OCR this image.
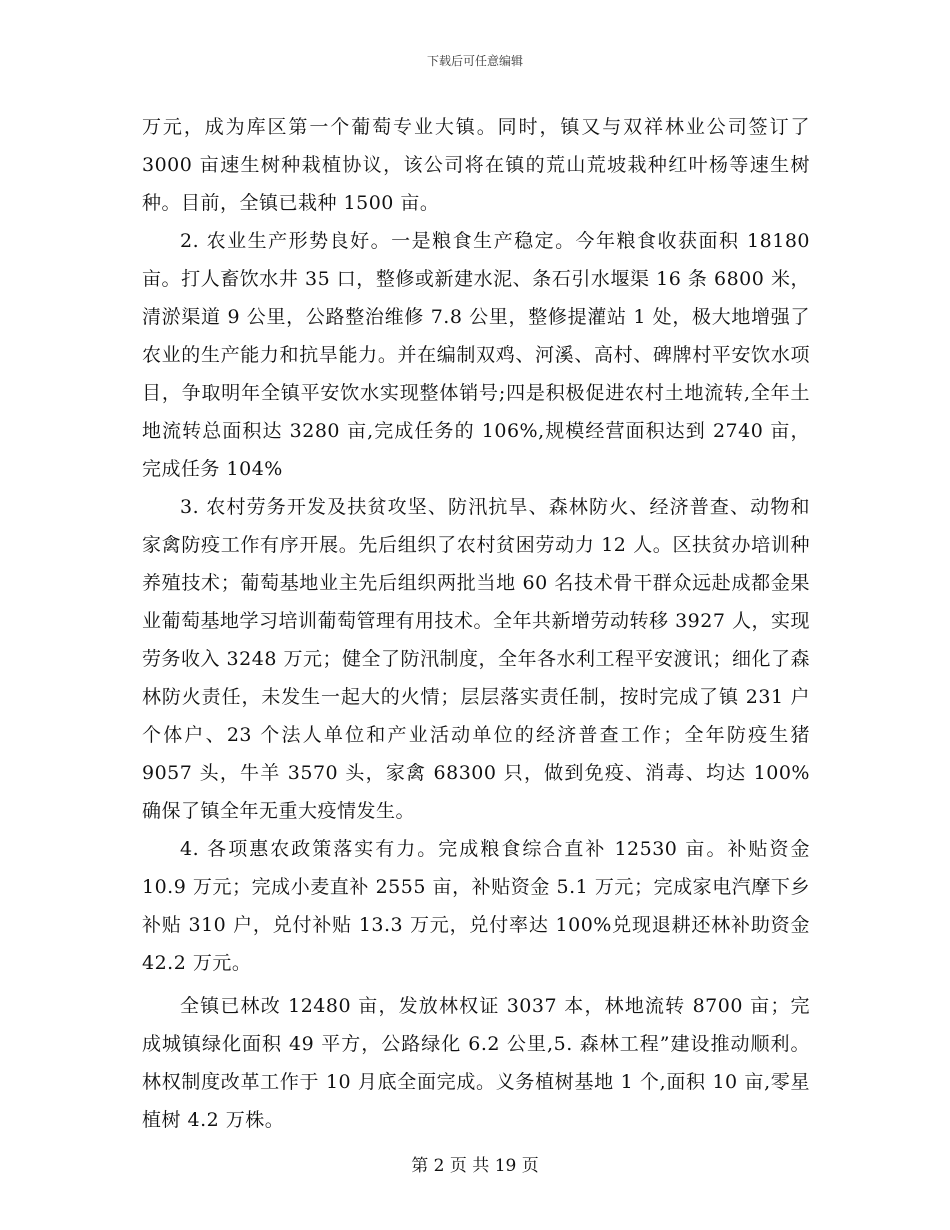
下载后可任意编辑

万元，成为库区第一个葡萄专业大镇。同时，镇又与双祥林业公司签订了 3000 亩速生树种栽植协议，该公司将在镇的荒山荒坡栽种红叶杨等速生树种。目前，全镇已栽种 1500 亩。

2. 农业生产形势良好。一是粮食生产稳定。今年粮食收获面积 18180 亩。打人畜饮水井 35 口，整修或新建水泥、条石引水堰渠 16 条 6800 米，清淤渠道 9 公里，公路整治维修 7.8 公里，整修提灌站 1 处，极大地增强了农业的生产能力和抗旱能力。并在编制双鸡、河溪、高村、碑牌村平安饮水项目，争取明年全镇平安饮水实现整体销号;四是积极促进农村土地流转,全年土地流转总面积达 3280 亩,完成任务的 106%,规模经营面积达到 2740 亩，完成任务 104%

3. 农村劳务开发及扶贫攻坚、防汛抗旱、森林防火、经济普查、动物和家禽防疫工作有序开展。先后组织了农村贫困劳动力 12 人。区扶贫办培训种养殖技术；葡萄基地业主先后组织两批当地 60 名技术骨干群众远赴成都金果业葡萄基地学习培训葡萄管理有用技术。全年共新增劳动转移 3927 人，实现劳务收入 3248 万元；健全了防汛制度，全年各水利工程平安渡讯；细化了森林防火责任，未发生一起大的火情；层层落实责任制，按时完成了镇 231 户个体户、23 个法人单位和产业活动单位的经济普查工作；全年防疫生猪 9057 头，牛羊 3570 头，家禽 68300 只，做到免疫、消毒、均达 100%确保了镇全年无重大疫情发生。

4. 各项惠农政策落实有力。完成粮食综合直补 12530 亩。补贴资金 10.9 万元；完成小麦直补 2555 亩，补贴资金 5.1 万元；完成家电汽摩下乡补贴 310 户，兑付补贴 13.3 万元，兑付率达 100%兑现退耕还林补助资金 42.2 万元。

全镇已林改 12480 亩，发放林权证 3037 本，林地流转 8700 亩；完成城镇绿化面积 49 平方，公路绿化 6.2 公里,5. 森林工程”建设推动顺利。林权制度改革工作于 10 月底全面完成。义务植树基地 1 个,面积 10 亩,零星植树 4.2 万株。

第 2 页 共 19 页
